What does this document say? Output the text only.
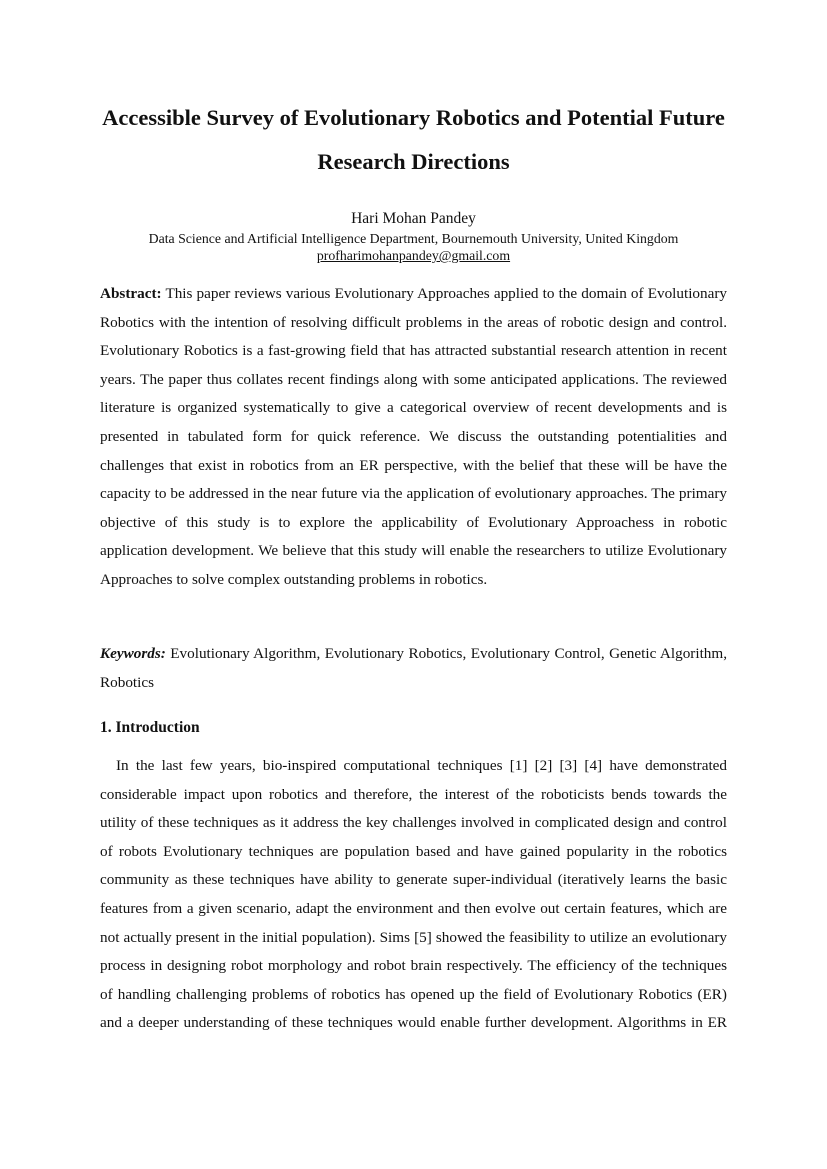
Accessible Survey of Evolutionary Robotics and Potential Future Research Directions

Hari Mohan Pandey

Data Science and Artificial Intelligence Department, Bournemouth University, United Kingdom

profharimohanpandey@gmail.com

Abstract: This paper reviews various Evolutionary Approaches applied to the domain of Evolutionary Robotics with the intention of resolving difficult problems in the areas of robotic design and control. Evolutionary Robotics is a fast-growing field that has attracted substantial research attention in recent years. The paper thus collates recent findings along with some anticipated applications. The reviewed literature is organized systematically to give a categorical overview of recent developments and is presented in tabulated form for quick reference. We discuss the outstanding potentialities and challenges that exist in robotics from an ER perspective, with the belief that these will be have the capacity to be addressed in the near future via the application of evolutionary approaches. The primary objective of this study is to explore the applicability of Evolutionary Approachess in robotic application development. We believe that this study will enable the researchers to utilize Evolutionary Approaches to solve complex outstanding problems in robotics.

Keywords: Evolutionary Algorithm, Evolutionary Robotics, Evolutionary Control, Genetic Algorithm, Robotics

1. Introduction

In the last few years, bio-inspired computational techniques [1] [2] [3] [4] have demonstrated considerable impact upon robotics and therefore, the interest of the roboticists bends towards the utility of these techniques as it address the key challenges involved in complicated design and control of robots Evolutionary techniques are population based and have gained popularity in the robotics community as these techniques have ability to generate super-individual (iteratively learns the basic features from a given scenario, adapt the environment and then evolve out certain features, which are not actually present in the initial population). Sims [5] showed the feasibility to utilize an evolutionary process in designing robot morphology and robot brain respectively. The efficiency of the techniques of handling challenging problems of robotics has opened up the field of Evolutionary Robotics (ER) and a deeper understanding of these techniques would enable further development. Algorithms in ER
